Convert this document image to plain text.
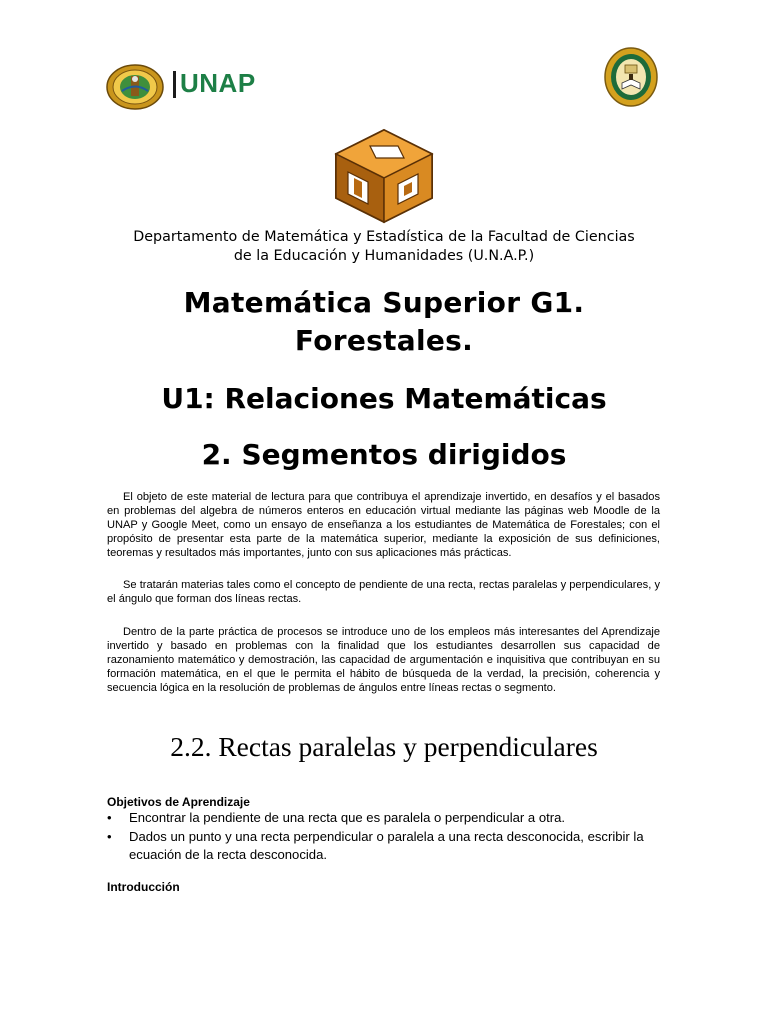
UNAP
Departamento de Matemática y Estadística de la Facultad de Ciencias de la Educación y Humanidades (U.N.A.P.)
Matemática Superior G1.
Forestales.
U1: Relaciones Matemáticas
2. Segmentos dirigidos
El objeto de este material de lectura para que contribuya el aprendizaje invertido, en desafíos y el basados en problemas del algebra de números enteros en educación virtual mediante las páginas web Moodle de la UNAP y Google Meet, como un ensayo de enseñanza a los estudiantes de Matemática de Forestales; con el propósito de presentar esta parte de la matemática superior, mediante la exposición de sus definiciones, teoremas y resultados más importantes, junto con sus aplicaciones más prácticas.
Se tratarán materias tales como el concepto de pendiente de una recta, rectas paralelas y perpendiculares, y el ángulo que forman dos líneas rectas.
Dentro de la parte práctica de procesos se introduce uno de los empleos más interesantes del Aprendizaje invertido y basado en problemas con la finalidad que los estudiantes desarrollen sus capacidad de razonamiento matemático y demostración, las capacidad de argumentación e inquisitiva que contribuyan en su formación matemática, en el que le permita el hábito de búsqueda de la verdad, la precisión, coherencia y secuencia lógica en la resolución de problemas de ángulos entre líneas rectas o segmento.
2.2. Rectas paralelas y perpendiculares
Objetivos de Aprendizaje
•	Encontrar la pendiente de una recta que es paralela o perpendicular a otra.
•	Dados un punto y una recta perpendicular o paralela a una recta desconocida, escribir la ecuación de la recta desconocida.
Introducción
